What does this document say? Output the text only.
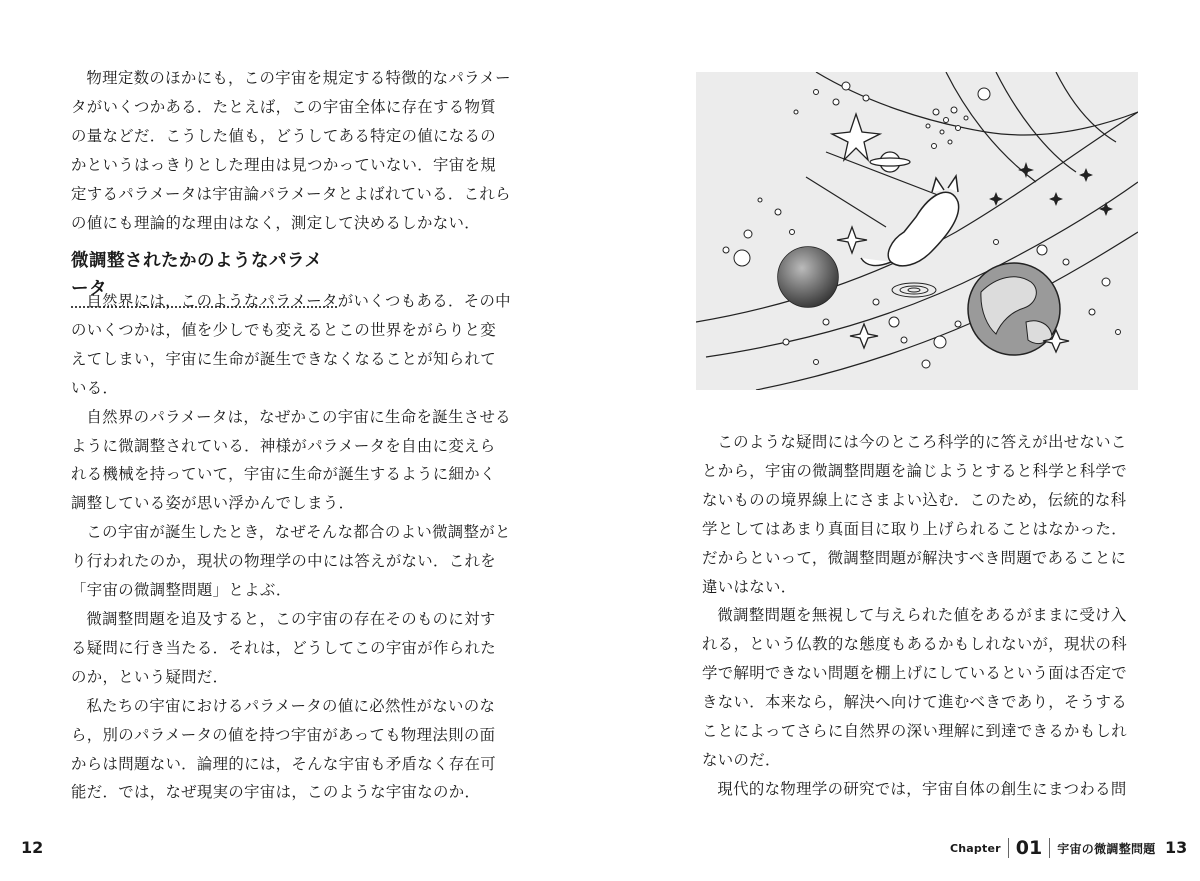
物理定数のほかにも，この宇宙を規定する特徴的なパラメータがいくつかある．たとえば，この宇宙全体に存在する物質の量などだ．こうした値も，どうしてある特定の値になるのかというはっきりとした理由は見つかっていない．宇宙を規定するパラメータは宇宙論パラメータとよばれている．これらの値にも理論的な理由はなく，測定して決めるしかない．

微調整されたかのようなパラメータ

自然界には，このようなパラメータがいくつもある．その中のいくつかは，値を少しでも変えるとこの世界をがらりと変えてしまい，宇宙に生命が誕生できなくなることが知られている．

自然界のパラメータは，なぜかこの宇宙に生命を誕生させるように微調整されている．神様がパラメータを自由に変えられる機械を持っていて，宇宙に生命が誕生するように細かく調整している姿が思い浮かんでしまう．

この宇宙が誕生したとき，なぜそんな都合のよい微調整がとり行われたのか，現状の物理学の中には答えがない．これを「宇宙の微調整問題」とよぶ．

微調整問題を追及すると，この宇宙の存在そのものに対する疑問に行き当たる．それは，どうしてこの宇宙が作られたのか，という疑問だ．

私たちの宇宙におけるパラメータの値に必然性がないのなら，別のパラメータの値を持つ宇宙があっても物理法則の面からは問題ない．論理的には，そんな宇宙も矛盾なく存在可能だ．では，なぜ現実の宇宙は，このような宇宙なのか．

12

このような疑問には今のところ科学的に答えが出せないことから，宇宙の微調整問題を論じようとすると科学と科学でないものの境界線上にさまよい込む．このため，伝統的な科学としてはあまり真面目に取り上げられることはなかった．だからといって，微調整問題が解決すべき問題であることに違いはない．

微調整問題を無視して与えられた値をあるがままに受け入れる，という仏教的な態度もあるかもしれないが，現状の科学で解明できない問題を棚上げにしているという面は否定できない．本来なら，解決へ向けて進むべきであり，そうすることによってさらに自然界の深い理解に到達できるかもしれないのだ．

現代的な物理学の研究では，宇宙自体の創生にまつわる問

Chapter 01 宇宙の微調整問題 13
